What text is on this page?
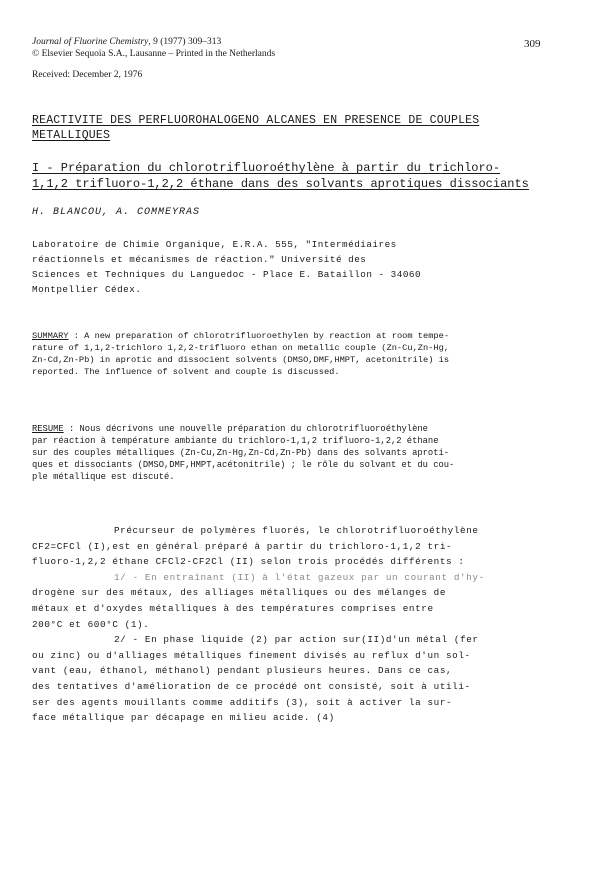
Journal of Fluorine Chemistry, 9 (1977) 309–313
© Elsevier Sequoia S.A., Lausanne – Printed in the Netherlands
309
Received: December 2, 1976
REACTIVITE DES PERFLUOROHALOGENO ALCANES EN PRESENCE DE COUPLES
METALLIQUES
I - Préparation du chlorotrifluoroéthylène à partir du trichloro-
1,1,2 trifluoro-1,2,2 éthane dans des solvants aprotiques dissociants
H. BLANCOU, A. COMMEYRAS
Laboratoire de Chimie Organique, E.R.A. 555, "Intermédiaires
réactionnels et mécanismes de réaction." Université des
Sciences et Techniques du Languedoc - Place E. Bataillon - 34060
Montpellier Cédex.
SUMMARY : A new preparation of chlorotrifluoroethylen by reaction at room tempe-
rature of 1,1,2-trichloro 1,2,2-trifluoro ethan on metallic couple (Zn-Cu,Zn-Hg,
Zn-Cd,Zn-Pb) in aprotic and dissocient solvents (DMSO,DMF,HMPT, acetonitrile) is
reported. The influence of solvent and couple is discussed.
RESUME : Nous décrivons une nouvelle préparation du chlorotrifluoroéthylène
par réaction à température ambiante du trichloro-1,1,2 trifluoro-1,2,2 éthane
sur des couples métalliques (Zn-Cu,Zn-Hg,Zn-Cd,Zn-Pb) dans des solvants aproti-
ques et dissociants (DMSO,DMF,HMPT,acétonitrile) ; le rôle du solvant et du cou-
ple métallique est discuté.
Précurseur de polymères fluorés, le chlorotrifluoroéthylène
CF2=CFCl (I),est en général préparé à partir du trichloro-1,1,2 tri-
fluoro-1,2,2 éthane CFCl2-CF2Cl (II) selon trois procédés différents :
1/ - En entraînant (II) à l'état gazeux par un courant d'hy-
drogène sur des métaux, des alliages métalliques ou des mélanges de
métaux et d'oxydes métalliques à des températures comprises entre
200°C et 600°C (1).
2/ - En phase liquide (2) par action sur(II)d'un métal (fer
ou zinc) ou d'alliages métalliques finement divisés au reflux d'un sol-
vant (eau, éthanol, méthanol) pendant plusieurs heures. Dans ce cas,
des tentatives d'amélioration de ce procédé ont consisté, soit à utili-
ser des agents mouillants comme additifs (3), soit à activer la sur-
face métallique par décapage en milieu acide. (4)
